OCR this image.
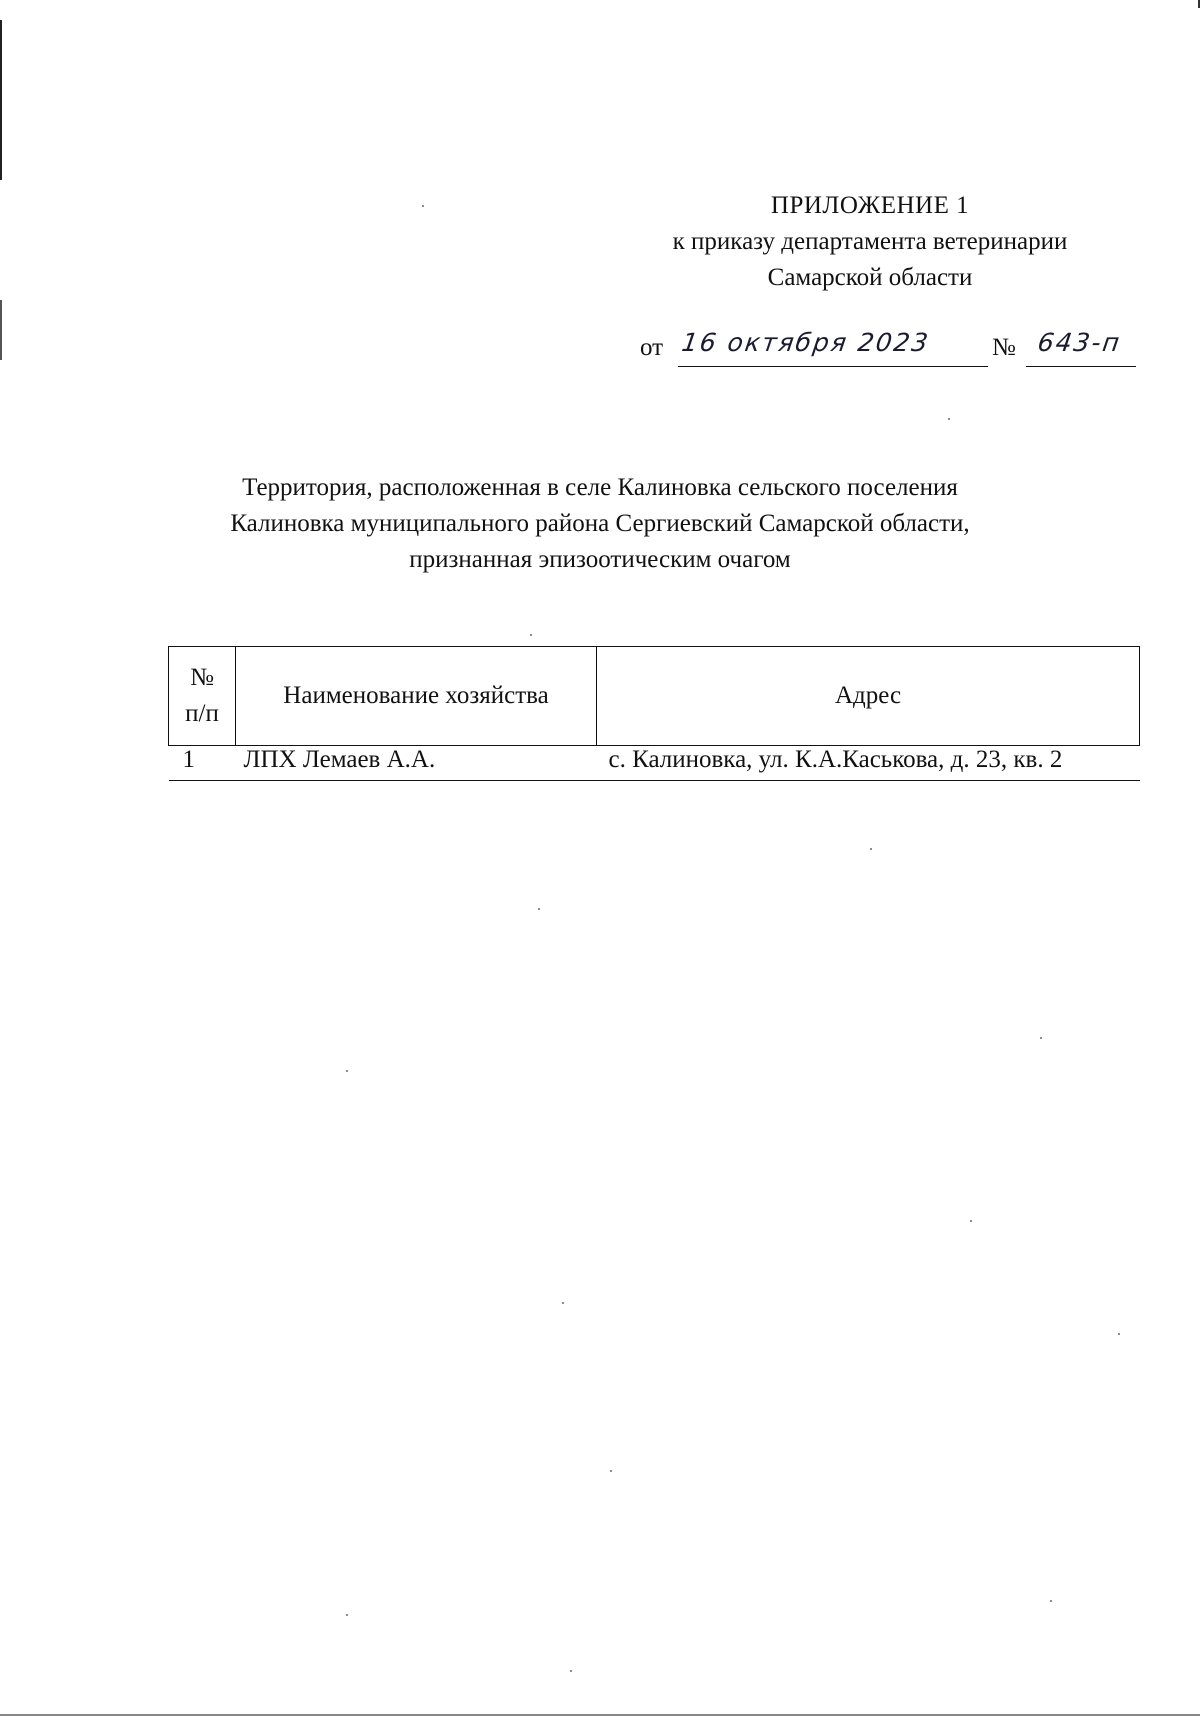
ПРИЛОЖЕНИЕ 1
к приказу департамента ветеринарии
Самарской области
от 16 октября 2023 № 643-п
Территория, расположенная в селе Калиновка сельского поселения
Калиновка муниципального района Сергиевский Самарской области,
признанная эпизоотическим очагом
№
п/п	Наименование хозяйства	Адрес
1	ЛПХ Лемаев А.А.	с. Калиновка, ул. К.А.Каськова, д. 23, кв. 2
